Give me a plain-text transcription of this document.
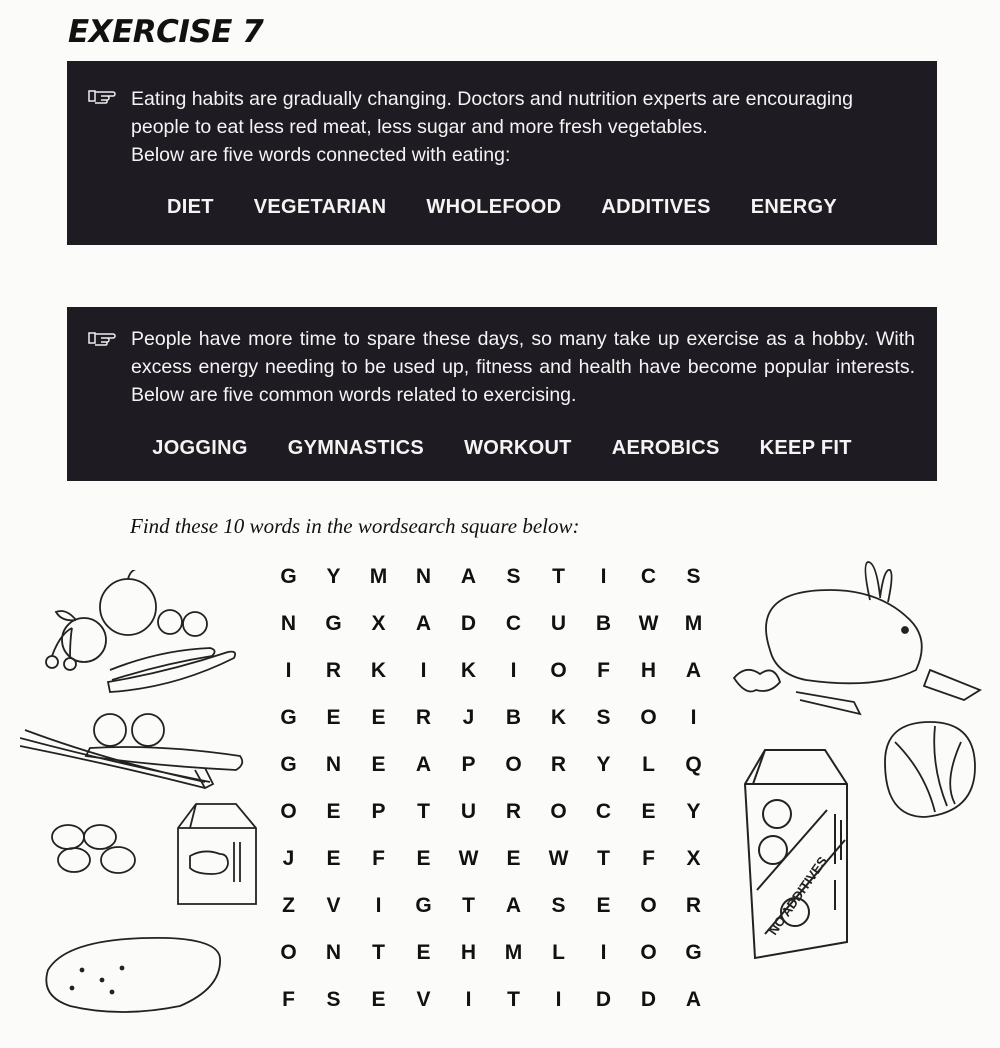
EXERCISE 7

Eating habits are gradually changing. Doctors and nutrition experts are encouraging

people to eat less red meat, less sugar and more fresh vegetables.

Below are five words connected with eating:

DIET VEGETARIAN WHOLEFOOD ADDITIVES ENERGY
People have more time to spare these days, so many take up exercise as a hobby. With excess energy needing to be used up, fitness and health have become popular interests. Below are five common words related to exercising.
JOGGING GYMNASTICS WORKOUT AEROBICS KEEP FIT
Find these 10 words in the wordsearch square below:
G	Y	M	N	A	S	T	I	C	S
N	G	X	A	D	C	U	B	W	M
I	R	K	I	K	I	O	F	H	A
G	E	E	R	J	B	K	S	O	I
G	N	E	A	P	O	R	Y	L	Q
O	E	P	T	U	R	O	C	E	Y
J	E	F	E	W	E	W	T	F	X
Z	V	I	G	T	A	S	E	O	R
O	N	T	E	H	M	L	I	O	G
F	S	E	V	I	T	I	D	D	A
NO ADDITIVES
